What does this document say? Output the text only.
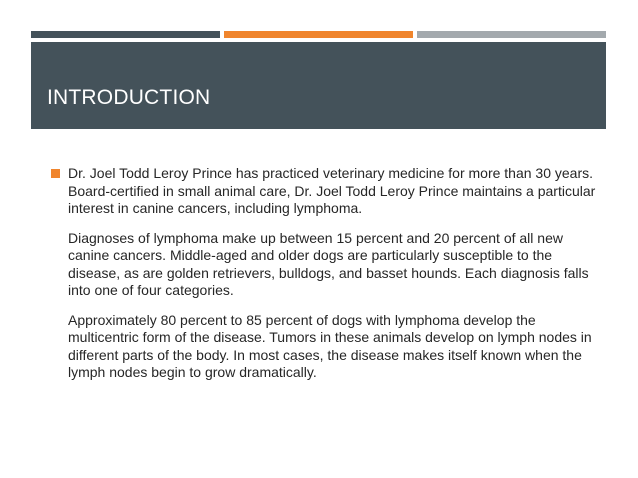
INTRODUCTION

Dr. Joel Todd Leroy Prince has practiced veterinary medicine for more than 30 years. Board-certified in small animal care, Dr. Joel Todd Leroy Prince maintains a particular interest in canine cancers, including lymphoma.

Diagnoses of lymphoma make up between 15 percent and 20 percent of all new canine cancers. Middle-aged and older dogs are particularly susceptible to the disease, as are golden retrievers, bulldogs, and basset hounds. Each diagnosis falls into one of four categories.

Approximately 80 percent to 85 percent of dogs with lymphoma develop the multicentric form of the disease. Tumors in these animals develop on lymph nodes in different parts of the body. In most cases, the disease makes itself known when the lymph nodes begin to grow dramatically.
